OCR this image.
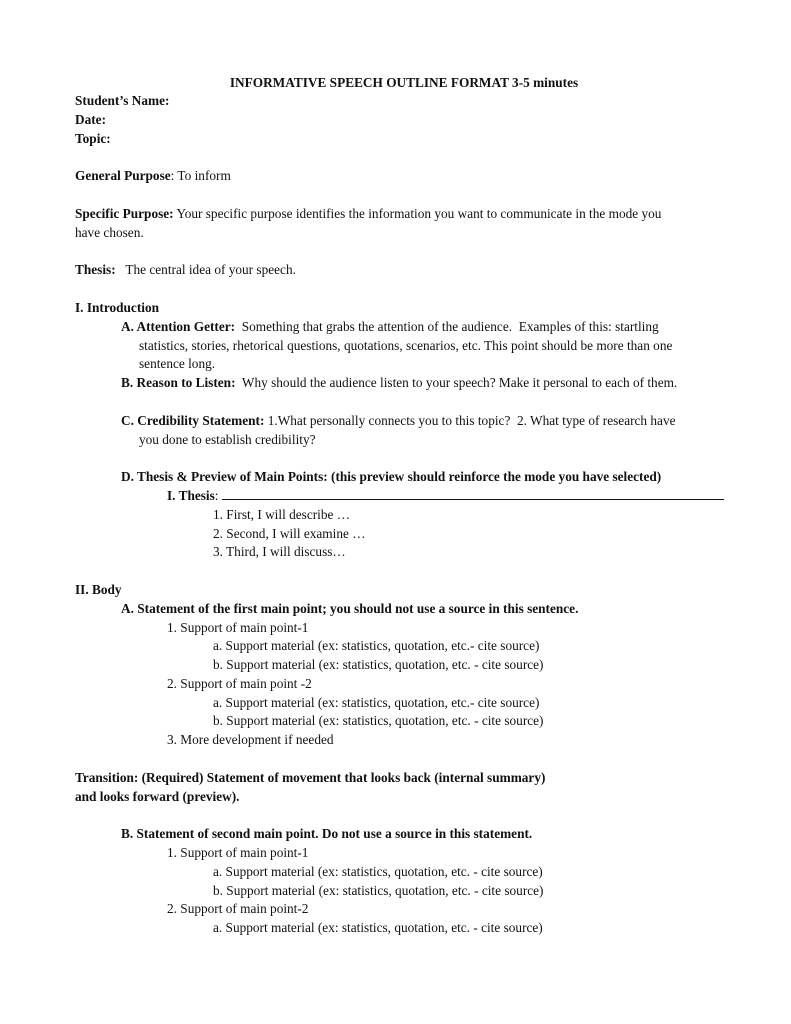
INFORMATIVE SPEECH OUTLINE FORMAT 3-5 minutes
Student’s Name:
Date:
Topic:
General Purpose: To inform
Specific Purpose: Your specific purpose identifies the information you want to communicate in the mode you
have chosen.
Thesis:   The central idea of your speech.
I. Introduction
A. Attention Getter:  Something that grabs the attention of the audience.  Examples of this: startling
statistics, stories, rhetorical questions, quotations, scenarios, etc. This point should be more than one
sentence long.
B. Reason to Listen:  Why should the audience listen to your speech? Make it personal to each of them.
C. Credibility Statement: 1.What personally connects you to this topic?  2. What type of research have
you done to establish credibility?
D. Thesis & Preview of Main Points: (this preview should reinforce the mode you have selected)
I. Thesis:
1. First, I will describe …
2. Second, I will examine …
3. Third, I will discuss…
II. Body
A. Statement of the first main point; you should not use a source in this sentence.
1. Support of main point-1
a. Support material (ex: statistics, quotation, etc.- cite source)
b. Support material (ex: statistics, quotation, etc. - cite source)
2. Support of main point -2
a. Support material (ex: statistics, quotation, etc.- cite source)
b. Support material (ex: statistics, quotation, etc. - cite source)
3. More development if needed
Transition: (Required) Statement of movement that looks back (internal summary)
and looks forward (preview).
B. Statement of second main point. Do not use a source in this statement.
1. Support of main point-1
a. Support material (ex: statistics, quotation, etc. - cite source)
b. Support material (ex: statistics, quotation, etc. - cite source)
2. Support of main point-2
a. Support material (ex: statistics, quotation, etc. - cite source)
